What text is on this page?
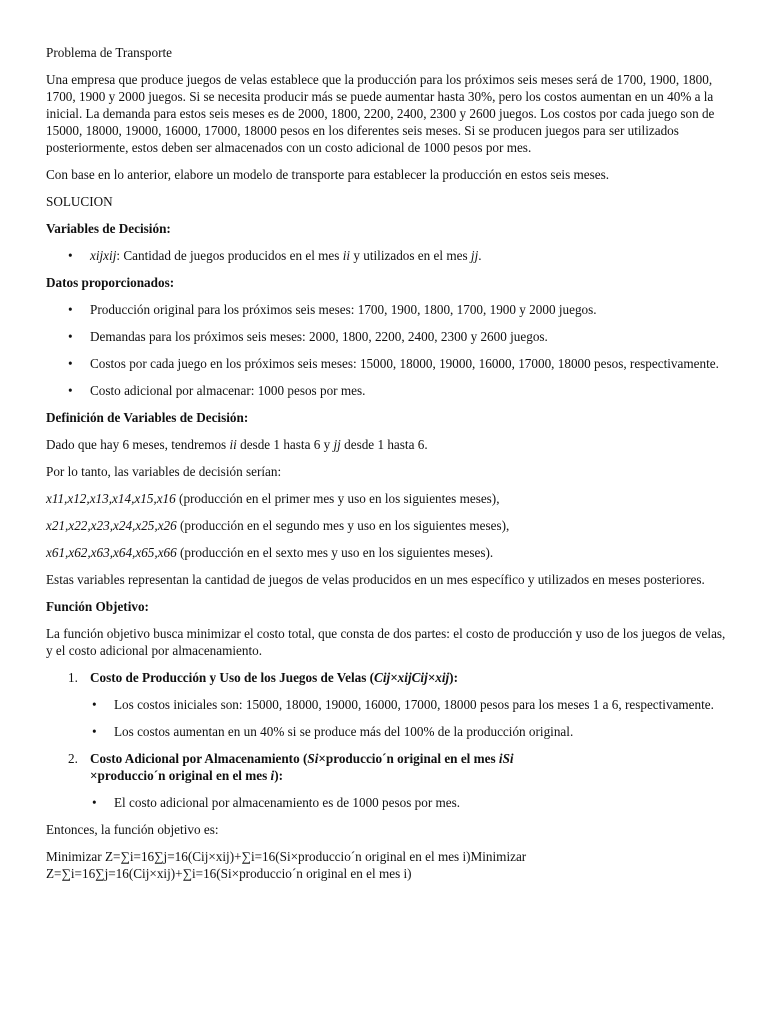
Problema de Transporte

Una empresa que produce juegos de velas establece que la producción para los próximos seis meses será de 1700, 1900, 1800, 1700, 1900 y 2000 juegos. Si se necesita producir más se puede aumentar hasta 30%, pero los costos aumentan en un 40% a la inicial. La demanda para estos seis meses es de 2000, 1800, 2200, 2400, 2300 y 2600 juegos. Los costos por cada juego son de 15000, 18000, 19000, 16000, 17000, 18000 pesos en los diferentes seis meses. Si se producen juegos para ser utilizados posteriormente, estos deben ser almacenados con un costo adicional de 1000 pesos por mes.

Con base en lo anterior, elabore un modelo de transporte para establecer la producción en estos seis meses.

SOLUCION

Variables de Decisión:

• xijxij: Cantidad de juegos producidos en el mes ii y utilizados en el mes jj.

Datos proporcionados:

• Producción original para los próximos seis meses: 1700, 1900, 1800, 1700, 1900 y 2000 juegos.
• Demandas para los próximos seis meses: 2000, 1800, 2200, 2400, 2300 y 2600 juegos.
• Costos por cada juego en los próximos seis meses: 15000, 18000, 19000, 16000, 17000, 18000 pesos, respectivamente.
• Costo adicional por almacenar: 1000 pesos por mes.

Definición de Variables de Decisión:

Dado que hay 6 meses, tendremos ii desde 1 hasta 6 y jj desde 1 hasta 6.

Por lo tanto, las variables de decisión serían:

x11,x12,x13,x14,x15,x16 (producción en el primer mes y uso en los siguientes meses),

x21,x22,x23,x24,x25,x26 (producción en el segundo mes y uso en los siguientes meses),

x61,x62,x63,x64,x65,x66 (producción en el sexto mes y uso en los siguientes meses).

Estas variables representan la cantidad de juegos de velas producidos en un mes específico y utilizados en meses posteriores.

Función Objetivo:

La función objetivo busca minimizar el costo total, que consta de dos partes: el costo de producción y uso de los juegos de velas, y el costo adicional por almacenamiento.

1. Costo de Producción y Uso de los Juegos de Velas (Cij×xijCij×xij):
• Los costos iniciales son: 15000, 18000, 19000, 16000, 17000, 18000 pesos para los meses 1 a 6, respectivamente.
• Los costos aumentan en un 40% si se produce más del 100% de la producción original.
2. Costo Adicional por Almacenamiento (Si×produccio´n original en el mes iSi
×produccio´n original en el mes i):
• El costo adicional por almacenamiento es de 1000 pesos por mes.

Entonces, la función objetivo es:

Minimizar Z=∑i=16∑j=16(Cij×xij)+∑i=16(Si×produccio´n original en el mes i)Minimizar Z=∑i=16∑j=16(Cij×xij)+∑i=16(Si×produccio´n original en el mes i)
